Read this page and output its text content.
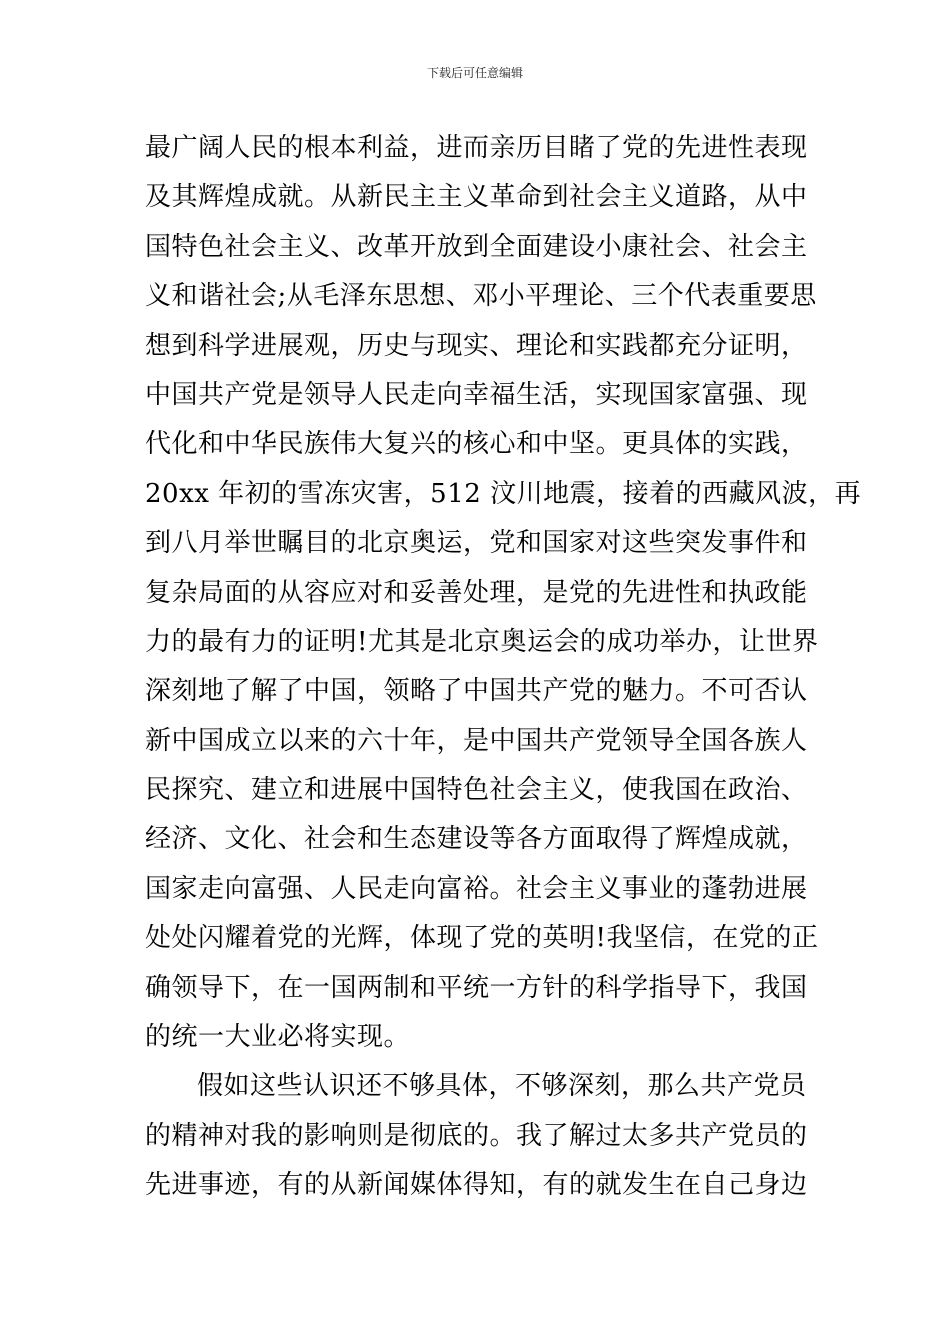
下载后可任意编辑
最广阔人民的根本利益，进而亲历目睹了党的先进性表现
及其辉煌成就。从新民主主义革命到社会主义道路，从中
国特色社会主义、改革开放到全面建设小康社会、社会主
义和谐社会;从毛泽东思想、邓小平理论、三个代表重要思
想到科学进展观，历史与现实、理论和实践都充分证明，
中国共产党是领导人民走向幸福生活，实现国家富强、现
代化和中华民族伟大复兴的核心和中坚。更具体的实践，
20xx 年初的雪冻灾害，512 汶川地震，接着的西藏风波，再
到八月举世瞩目的北京奥运，党和国家对这些突发事件和
复杂局面的从容应对和妥善处理，是党的先进性和执政能
力的最有力的证明!尤其是北京奥运会的成功举办，让世界
深刻地了解了中国，领略了中国共产党的魅力。不可否认
新中国成立以来的六十年，是中国共产党领导全国各族人
民探究、建立和进展中国特色社会主义，使我国在政治、
经济、文化、社会和生态建设等各方面取得了辉煌成就，
国家走向富强、人民走向富裕。社会主义事业的蓬勃进展
处处闪耀着党的光辉，体现了党的英明!我坚信，在党的正
确领导下，在一国两制和平统一方针的科学指导下，我国
的统一大业必将实现。
假如这些认识还不够具体，不够深刻，那么共产党员
的精神对我的影响则是彻底的。我了解过太多共产党员的
先进事迹，有的从新闻媒体得知，有的就发生在自己身边
